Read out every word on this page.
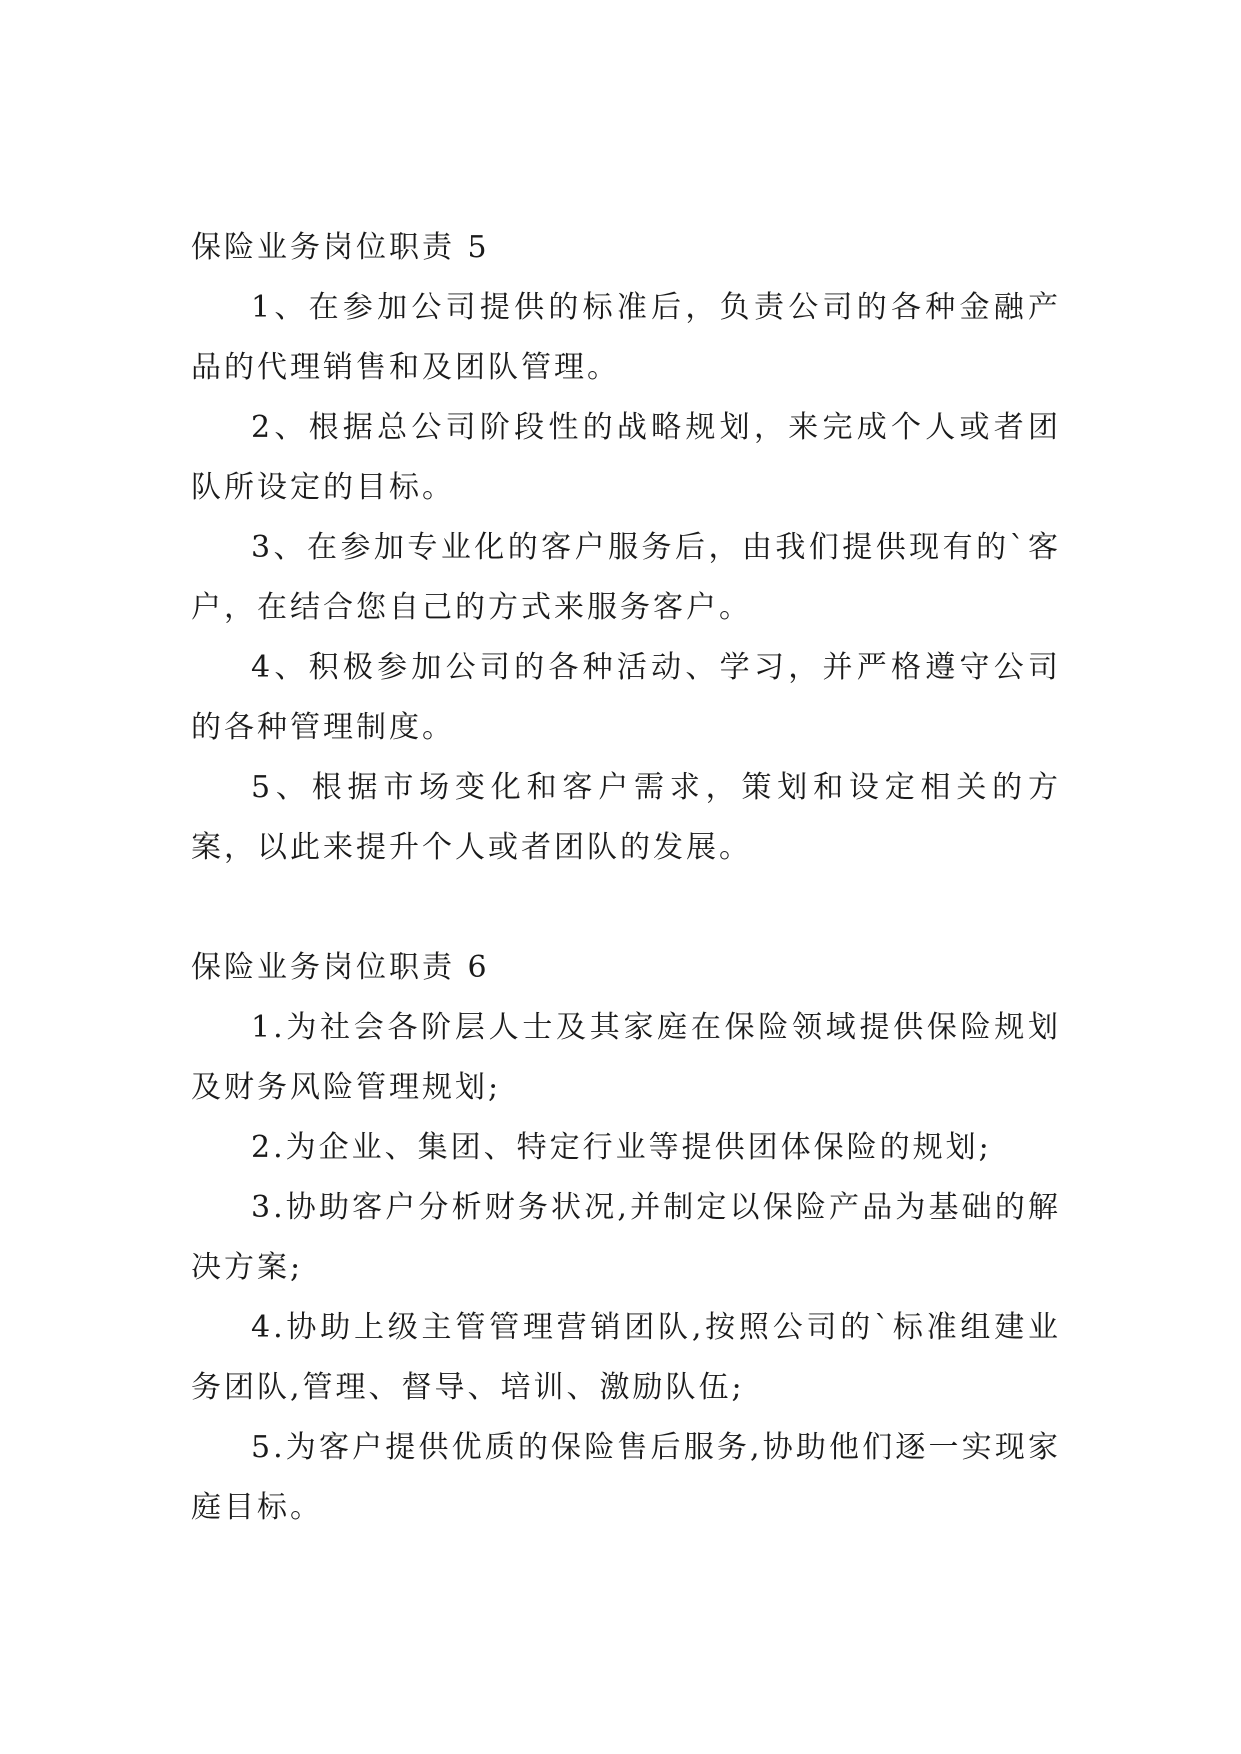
保险业务岗位职责 5

1、在参加公司提供的标准后，负责公司的各种金融产品的代理销售和及团队管理。

2、根据总公司阶段性的战略规划，来完成个人或者团队所设定的目标。

3、在参加专业化的客户服务后，由我们提供现有的`客户，在结合您自己的方式来服务客户。

4、积极参加公司的各种活动、学习，并严格遵守公司的各种管理制度。

5、根据市场变化和客户需求，策划和设定相关的方案，以此来提升个人或者团队的发展。

保险业务岗位职责 6

1.为社会各阶层人士及其家庭在保险领域提供保险规划及财务风险管理规划;

2.为企业、集团、特定行业等提供团体保险的规划;

3.协助客户分析财务状况,并制定以保险产品为基础的解决方案;

4.协助上级主管管理营销团队,按照公司的`标准组建业务团队,管理、督导、培训、激励队伍;

5.为客户提供优质的保险售后服务,协助他们逐一实现家庭目标。
